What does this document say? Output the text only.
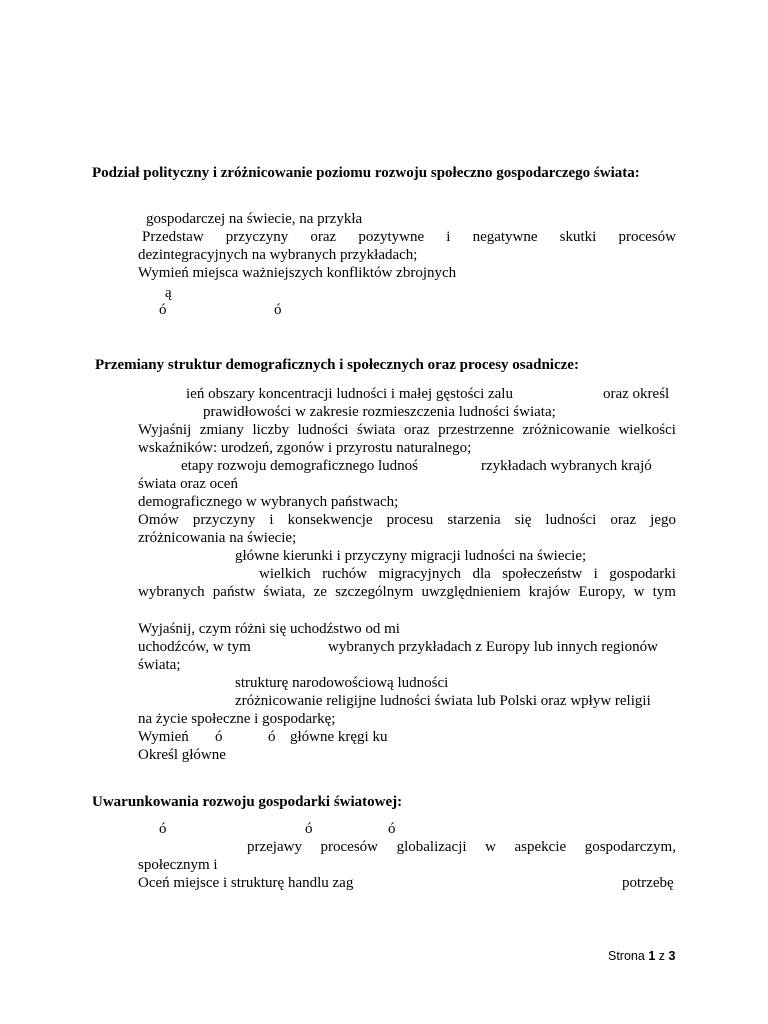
Podział polityczny i zróżnicowanie poziomu rozwoju społeczno gospodarczego świata:
gospodarczej na świecie, na przykła
Przedstaw przyczyny oraz pozytywne i negatywne skutki procesów
dezintegracyjnych na wybranych przykładach;
Wymień miejsca ważniejszych konfliktów zbrojnych
ą
ó	ó
Przemiany struktur demograficznych i społecznych oraz procesy osadnicze:
ień obszary koncentracji ludności i małej gęstości zalu	oraz określ
prawidłowości w zakresie rozmieszczenia ludności świata;
Wyjaśnij zmiany liczby ludności świata oraz przestrzenne zróżnicowanie wielkości
wskaźników: urodzeń, zgonów i przyrostu naturalnego;
etapy rozwoju demograficznego ludnoś	rzykładach wybranych krajó
świata oraz oceń
demograficznego w wybranych państwach;
Omów przyczyny i konsekwencje procesu starzenia się ludności oraz jego
zróżnicowania na świecie;
główne kierunki i przyczyny migracji ludności na świecie;
wielkich ruchów migracyjnych dla społeczeństw i gospodarki
wybranych państw świata, ze szczególnym uwzględnieniem krajów Europy, w tym
Wyjaśnij, czym różni się uchodźstwo od mi
uchodźców, w tym	wybranych przykładach z Europy lub innych regionów
świata;
strukturę narodowościową ludności
zróżnicowanie religijne ludności świata lub Polski oraz wpływ religii
na życie społeczne i gospodarkę;
Wymień ó	ó główne kręgi ku
Określ główne
Uwarunkowania rozwoju gospodarki światowej:
ó	ó	ó
przejawy procesów globalizacji w aspekcie gospodarczym,
społecznym i
Oceń miejsce i strukturę handlu zag	potrzebę
Strona 1 z 3
